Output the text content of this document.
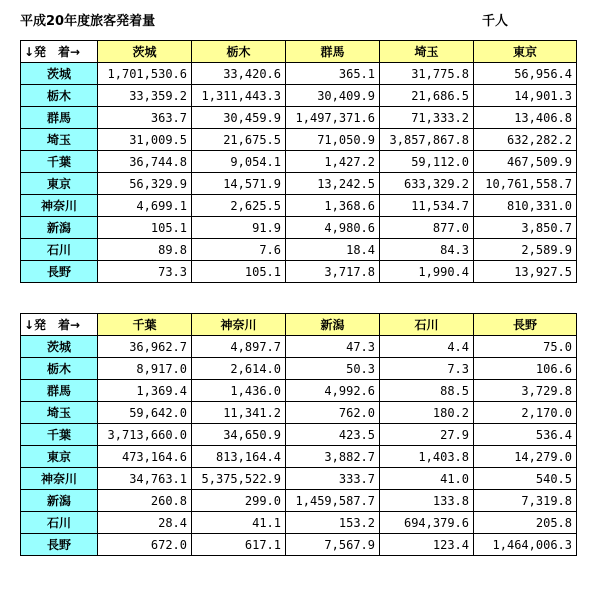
平成20年度旅客発着量	千人
↓発　着→	茨城	栃木	群馬	埼玉	東京
茨城	1,701,530.6	33,420.6	365.1	31,775.8	56,956.4
栃木	33,359.2	1,311,443.3	30,409.9	21,686.5	14,901.3
群馬	363.7	30,459.9	1,497,371.6	71,333.2	13,406.8
埼玉	31,009.5	21,675.5	71,050.9	3,857,867.8	632,282.2
千葉	36,744.8	9,054.1	1,427.2	59,112.0	467,509.9
東京	56,329.9	14,571.9	13,242.5	633,329.2	10,761,558.7
神奈川	4,699.1	2,625.5	1,368.6	11,534.7	810,331.0
新潟	105.1	91.9	4,980.6	877.0	3,850.7
石川	89.8	7.6	18.4	84.3	2,589.9
長野	73.3	105.1	3,717.8	1,990.4	13,927.5
↓発　着→	千葉	神奈川	新潟	石川	長野
茨城	36,962.7	4,897.7	47.3	4.4	75.0
栃木	8,917.0	2,614.0	50.3	7.3	106.6
群馬	1,369.4	1,436.0	4,992.6	88.5	3,729.8
埼玉	59,642.0	11,341.2	762.0	180.2	2,170.0
千葉	3,713,660.0	34,650.9	423.5	27.9	536.4
東京	473,164.6	813,164.4	3,882.7	1,403.8	14,279.0
神奈川	34,763.1	5,375,522.9	333.7	41.0	540.5
新潟	260.8	299.0	1,459,587.7	133.8	7,319.8
石川	28.4	41.1	153.2	694,379.6	205.8
長野	672.0	617.1	7,567.9	123.4	1,464,006.3
